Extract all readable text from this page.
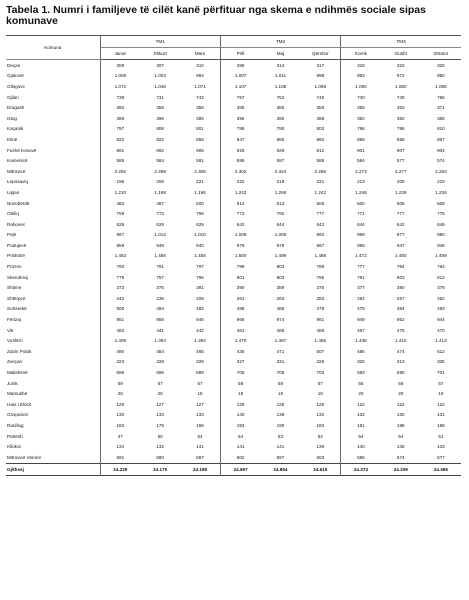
Tabela 1. Numri i familjeve të cilët kanë përfituar nga skema e ndihmës sociale sipas komunave
Komuna	TM1			TM2			TM3		
	Janar	Shkurt	Mars	Prill	Maj	Qershor	Korrik	Gusht	Shtator
Deçan	309	307	310	286	314	317	318	322	326
Gjakovë	1.008	1.003	994	1.007	1.011	998	983	972	980
Gllogovc	1.072	1.046	1.071	1.107	1.108	1.098	1.090	1.080	1.096
Gjilan	738	731	742	757	752	745	740	740	756
Dragash	360	358	358	366	365	359	355	363	371
Istog	389	396	385	396	390	388	392	382	385
Kaçanik	797	806	801	789	790	803	798	798	810
Klinë	822	822	855	847	866	860	856	858	867
Fushë Kosovë	891	892	905	926	929	912	901	907	904
Kamenicë	585	584	591	599	597	588	584	577	574
Mitrovicë	2.292	2.289	2.308	2.302	2.324	2.286	2.273	2.277	2.283
Leposaviq	196	209	221	222	218	221	213	209	219
Lipjan	1.210	1.198	1.196	1.243	1.266	1.242	1.246	1.239	1.234
Novobërdë	483	487	500	514	513	506	500	505	509
Obiliq	769	773	766	773	792	777	771	777	775
Rahovec	628	629	629	643	644	642	644	642	649
Pejë	967	1.012	1.010	1.008	1.006	992	969	977	980
Podujevë	959	949	940	979	978	967	955	947	946
Prishtinë	1.463	1.456	1.455	1.500	1.499	1.488	1.472	1.480	1.489
Prizren	793	791	797	799	803	789	777	764	764
Skenderaj	775	757	765	801	803	795	791	803	812
Shtime	373	375	381	390	389	376	377	380	379
Shtërpcë	242	235	208	261	263	253	254	257	262
Suharekë	500	494	482	488	485	479	479	484	493
Ferizaj	951	958	946	966	974	961	949	952	944
Viti	452	441	442	461	465	458	467	475	470
Vushtrri	1.405	1.394	1.394	1.470	1.467	1.455	1.438	1.415	1.413
Zubin Potok	490	484	465	436	471	507	486	474	512
Zveçan	323	328	329	327	331	328	325	313	335
Malishevë	696	696	689	706	706	703	693	690	701
Junik	59	57	57	58	58	57	55	56	57
Mamushë	20	20	18	19	19	19	20	20	19
Hani i Elezit	129	127	127	129	128	126	122	122	122
Graçanicë	130	133	133	140	139	132	132	130	131
Ranillug	182	179	156	193	190	183	181	186	188
Partesh	47	50	54	54	53	54	54	54	51
Kllokot	134	132	141	141	141	139	140	136	133
Mitrovicë Veriore	591	580	587	602	597	603	585	574	577
Gjithsej	24.229	24.170	24.198	24.697	24.864	24.615	24.373	24.339	24.496
